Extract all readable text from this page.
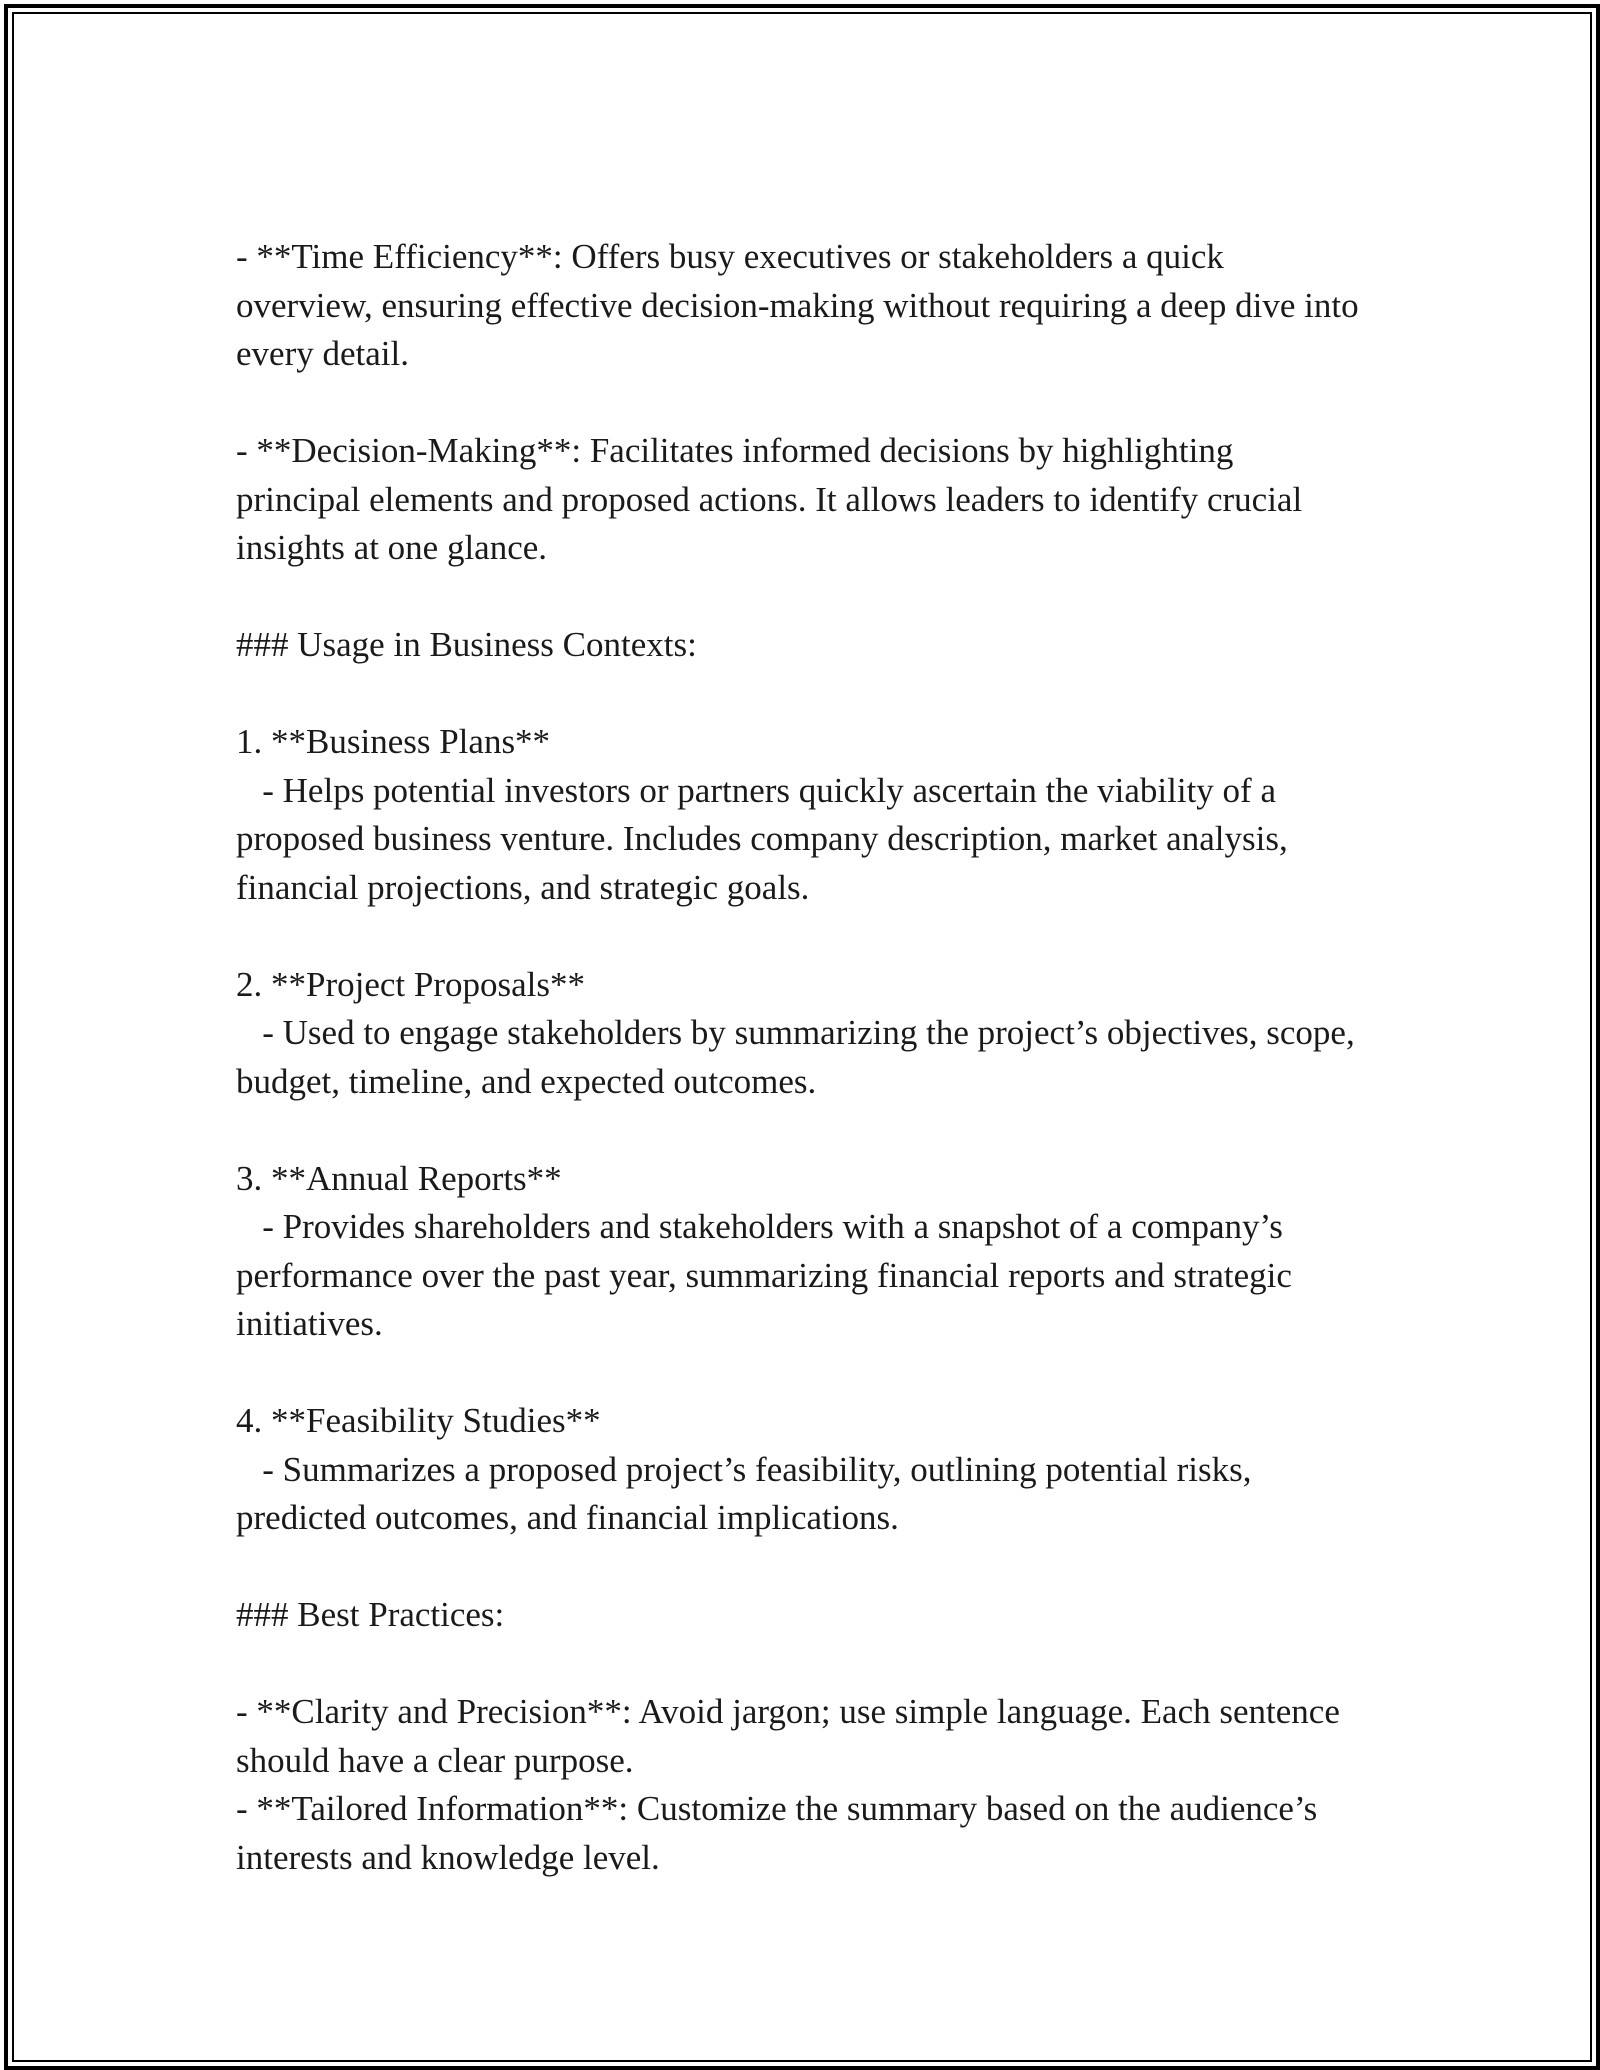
- **Time Efficiency**: Offers busy executives or stakeholders a quick overview, ensuring effective decision-making without requiring a deep dive into every detail.

- **Decision-Making**: Facilitates informed decisions by highlighting principal elements and proposed actions. It allows leaders to identify crucial insights at one glance.

### Usage in Business Contexts:

1. **Business Plans**

- Helps potential investors or partners quickly ascertain the viability of a proposed business venture. Includes company description, market analysis, financial projections, and strategic goals.

2. **Project Proposals**

- Used to engage stakeholders by summarizing the project’s objectives, scope, budget, timeline, and expected outcomes.

3. **Annual Reports**

- Provides shareholders and stakeholders with a snapshot of a company’s performance over the past year, summarizing financial reports and strategic initiatives.

4. **Feasibility Studies**

- Summarizes a proposed project’s feasibility, outlining potential risks, predicted outcomes, and financial implications.

### Best Practices:

- **Clarity and Precision**: Avoid jargon; use simple language. Each sentence should have a clear purpose.

- **Tailored Information**: Customize the summary based on the audience’s interests and knowledge level.
